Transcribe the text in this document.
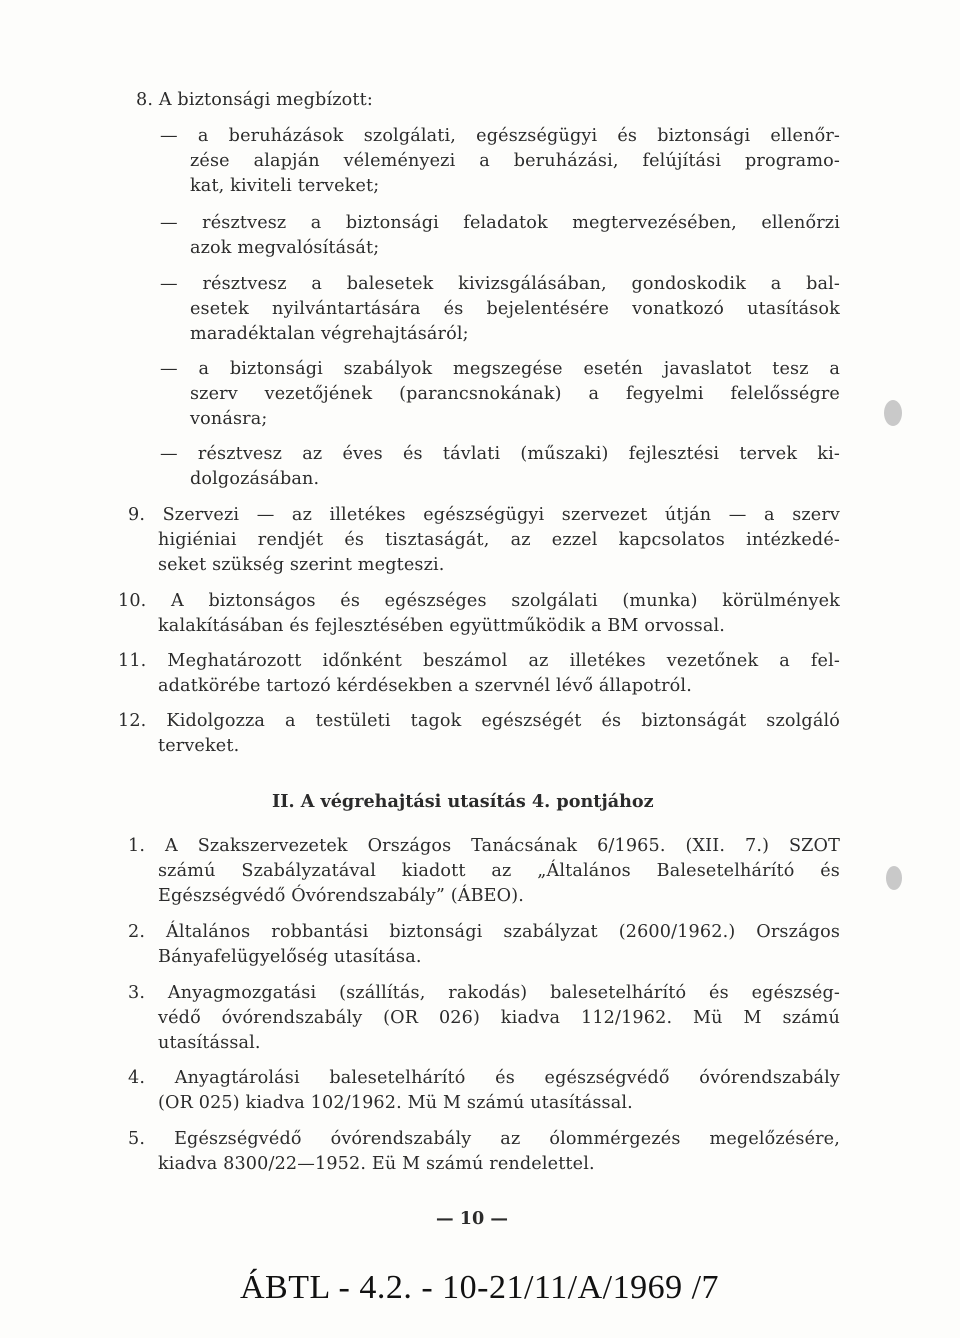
8. A biztonsági megbízott:
— a beruházások szolgálati, egészségügyi és biztonsági ellenőr-
zése alapján véleményezi a beruházási, felújítási programo-
kat, kiviteli terveket;
— résztvesz a biztonsági feladatok megtervezésében, ellenőrzi
azok megvalósítását;
— résztvesz a balesetek kivizsgálásában, gondoskodik a bal-
esetek nyilvántartására és bejelentésére vonatkozó utasítások
maradéktalan végrehajtásáról;
— a biztonsági szabályok megszegése esetén javaslatot tesz a
szerv vezetőjének (parancsnokának) a fegyelmi felelősségre
vonásra;
— résztvesz az éves és távlati (műszaki) fejlesztési tervek ki-
dolgozásában.
9. Szervezi — az illetékes egészségügyi szervezet útján — a szerv
higiéniai rendjét és tisztaságát, az ezzel kapcsolatos intézkedé-
seket szükség szerint megteszi.
10. A biztonságos és egészséges szolgálati (munka) körülmények
kalakításában és fejlesztésében együttműködik a BM orvossal.
11. Meghatározott időnként beszámol az illetékes vezetőnek a fel-
adatkörébe tartozó kérdésekben a szervnél lévő állapotról.
12. Kidolgozza a testületi tagok egészségét és biztonságát szolgáló
terveket.
II. A végrehajtási utasítás 4. pontjához
1. A Szakszervezetek Országos Tanácsának 6/1965. (XII. 7.) SZOT
számú Szabályzatával kiadott az „Általános Balesetelhárító és
Egészségvédő Óvórendszabály” (ÁBEO).
2. Általános robbantási biztonsági szabályzat (2600/1962.) Országos
Bányafelügyelőség utasítása.
3. Anyagmozgatási (szállítás, rakodás) balesetelhárító és egészség-
védő óvórendszabály (OR 026) kiadva 112/1962. Mü M számú
utasítással.
4. Anyagtárolási balesetelhárító és egészségvédő óvórendszabály
(OR 025) kiadva 102/1962. Mü M számú utasítással.
5. Egészségvédő óvórendszabály az ólommérgezés megelőzésére,
kiadva 8300/22—1952. Eü M számú rendelettel.
— 10 —
ÁBTL - 4.2. - 10-21/11/A/1969 /7
